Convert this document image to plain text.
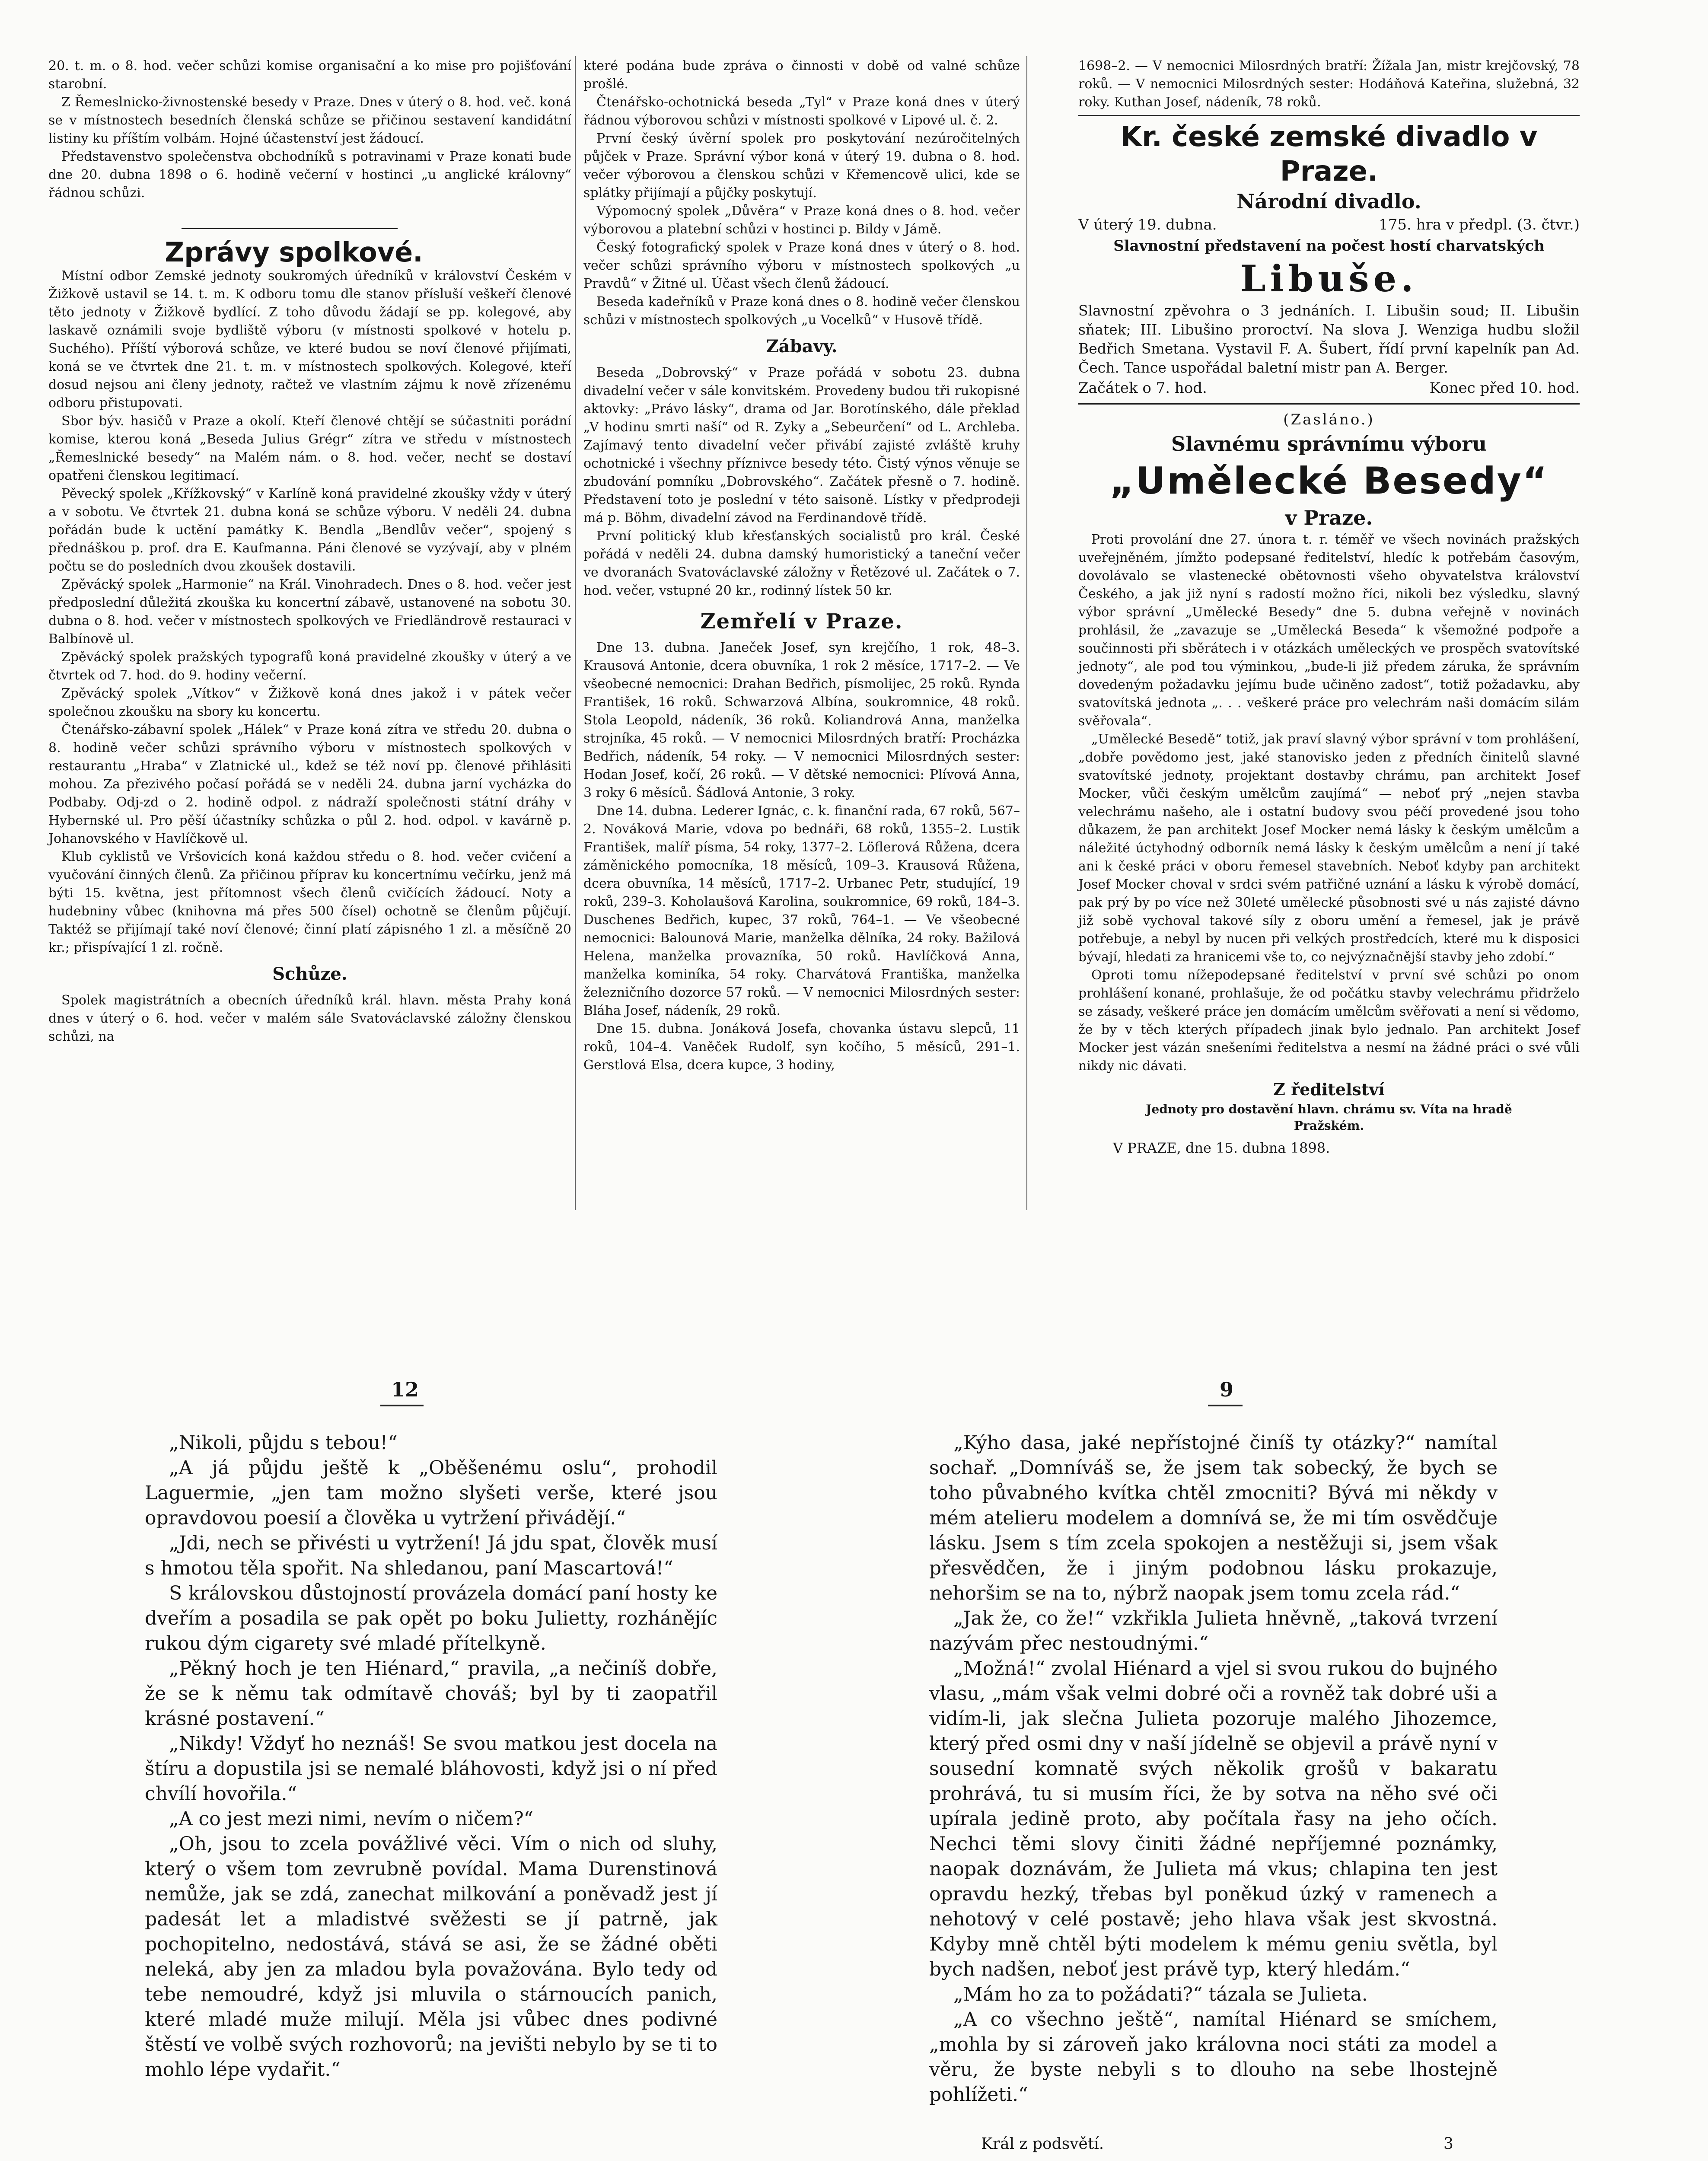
20. t. m. o 8. hod. večer schůzi komise organisační a ko mise pro pojišťování starobní.

Z Řemeslnicko-živnostenské besedy v Praze. Dnes v úterý o 8. hod. več. koná se v místnostech besedních členská schůze se přičinou sestavení kandidátní listiny ku příštím volbám. Hojné účastenství jest žádoucí.

Představenstvo společenstva obchodníků s potravinami v Praze konati bude dne 20. dubna 1898 o 6. hodině večerní v hostinci „u anglické královny“ řádnou schůzi.

Místní odbor Zemské jednoty soukromých úředníků v království Českém v Žižkově ustavil se 14. t. m. K odboru tomu dle stanov přísluší veškeří členové těto jednoty v Žižkově bydlící. Z toho důvodu žádají se pp. kolegové, aby laskavě oznámili svoje bydliště výboru (v místnosti spolkové v hotelu p. Suchého). Příští výborová schůze, ve které budou se noví členové přijímati, koná se ve čtvrtek dne 21. t. m. v místnostech spolkových. Kolegové, kteří dosud nejsou ani členy jednoty, račtež ve vlastním zájmu k nově zřízenému odboru přistupovati.

Sbor býv. hasičů v Praze a okolí. Kteří členové chtějí se súčastniti porádní komise, kterou koná „Beseda Julius Grégr“ zítra ve středu v místnostech „Řemeslnické besedy“ na Malém nám. o 8. hod. večer, nechť se dostaví opatřeni členskou legitimací.

Pěvecký spolek „Křížkovský“ v Karlíně koná pravidelné zkoušky vždy v úterý a v sobotu. Ve čtvrtek 21. dubna koná se schůze výboru. V neděli 24. dubna pořádán bude k uctění památky K. Bendla „Bendlův večer“, spojený s přednáškou p. prof. dra E. Kaufmanna. Páni členové se vyzývají, aby v plném počtu se do posledních dvou zkoušek dostavili.

Zpěvácký spolek „Harmonie“ na Král. Vinohradech. Dnes o 8. hod. večer jest předposlední důležitá zkouška ku koncertní zábavě, ustanovené na sobotu 30. dubna o 8. hod. večer v místnostech spolkových ve Friedländrově restauraci v Balbínově ul.

Zpěvácký spolek pražských typografů koná pravidelné zkoušky v úterý a ve čtvrtek od 7. hod. do 9. hodiny večerní.

Zpěvácký spolek „Vítkov“ v Žižkově koná dnes jakož i v pátek večer společnou zkoušku na sbory ku koncertu.

Čtenářsko-zábavní spolek „Hálek“ v Praze koná zítra ve středu 20. dubna o 8. hodině večer schůzi správního výboru v místnostech spolkových v restaurantu „Hraba“ v Zlatnické ul., kdež se též noví pp. členové přihlásiti mohou. Za přezivého počasí pořádá se v neděli 24. dubna jarní vycházka do Podbaby. Odj-zd o 2. hodině odpol. z nádraží společnosti státní dráhy v Hybernské ul. Pro pěší účastníky schůzka o půl 2. hod. odpol. v kavárně p. Johanovského v Havlíčkově ul.

Klub cyklistů ve Vršovicích koná každou středu o 8. hod. večer cvičení a vyučování činných členů. Za přičinou příprav ku koncertnímu večírku, jenž má býti 15. května, jest přítomnost všech členů cvičících žádoucí. Noty a hudebniny vůbec (knihovna má přes 500 čísel) ochotně se členům půjčují. Taktéž se přijímají také noví členové; činní platí zápisného 1 zl. a měsíčně 20 kr.; přispívající 1 zl. ročně.

Schůze.

Spolek magistrátních a obecních úředníků král. hlavn. města Prahy koná dnes v úterý o 6. hod. večer v malém sále Svatováclavské záložny členskou schůzi, na

Zprávy spolkové.

které podána bude zpráva o činnosti v době od valné schůze prošlé.

Čtenářsko-ochotnická beseda „Tyl“ v Praze koná dnes v úterý řádnou výborovou schůzi v místnosti spolkové v Lipové ul. č. 2.

První český úvěrní spolek pro poskytování nezúročitelných půjček v Praze. Správní výbor koná v úterý 19. dubna o 8. hod. večer výborovou a členskou schůzi v Křemencově ulici, kde se splátky přijímají a půjčky poskytují.

Výpomocný spolek „Důvěra“ v Praze koná dnes o 8. hod. večer výborovou a platební schůzi v hostinci p. Bildy v Jámě.

Český fotografický spolek v Praze koná dnes v úterý o 8. hod. večer schůzi správního výboru v místnostech spolkových „u Pravdů“ v Žitné ul. Účast všech členů žádoucí.

Beseda kadeřníků v Praze koná dnes o 8. hodině večer členskou schůzi v místnostech spolkových „u Vocelků“ v Husově třídě.

Zábavy.

Beseda „Dobrovský“ v Praze pořádá v sobotu 23. dubna divadelní večer v sále konvitském. Provedeny budou tři rukopisné aktovky: „Právo lásky“, drama od Jar. Borotínského, dále překlad „V hodinu smrti naší“ od R. Zyky a „Sebeurčení“ od L. Archleba. Zajímavý tento divadelní večer přivábí zajisté zvláště kruhy ochotnické i všechny příznivce besedy této. Čistý výnos věnuje se zbudování pomníku „Dobrovského“. Začátek přesně o 7. hodině. Představení toto je poslední v této saisoně. Lístky v předprodeji má p. Böhm, divadelní závod na Ferdinandově třídě.

První politický klub křesťanských socialistů pro král. České pořádá v neděli 24. dubna damský humoristický a taneční večer ve dvoranách Svatováclavské záložny v Řetězové ul. Začátek o 7. hod. večer, vstupné 20 kr., rodinný lístek 50 kr.

Zemřelí v Praze.

Dne 13. dubna. Janeček Josef, syn krejčího, 1 rok, 48–3. Krausová Antonie, dcera obuvníka, 1 rok 2 měsíce, 1717–2. — Ve všeobecné nemocnici: Drahan Bedřich, písmolijec, 25 roků. Rynda František, 16 roků. Schwarzová Albína, soukromnice, 48 roků. Stola Leopold, nádeník, 36 roků. Koliandrová Anna, manželka strojníka, 45 roků. — V nemocnici Milosrdných bratří: Procházka Bedřich, nádeník, 54 roky. — V nemocnici Milosrdných sester: Hodan Josef, kočí, 26 roků. — V dětské nemocnici: Plívová Anna, 3 roky 6 měsíců. Šádlová Antonie, 3 roky.

Dne 14. dubna. Lederer Ignác, c. k. finanční rada, 67 roků, 567–2. Nováková Marie, vdova po bednáři, 68 roků, 1355–2. Lustik František, malíř písma, 54 roky, 1377–2. Löflerová Růžena, dcera záměnického pomocníka, 18 měsíců, 109–3. Krausová Růžena, dcera obuvníka, 14 měsíců, 1717–2. Urbanec Petr, studující, 19 roků, 239–3. Koholaušová Karolina, soukromnice, 69 roků, 184–3. Duschenes Bedřich, kupec, 37 roků, 764–1. — Ve všeobecné nemocnici: Balounová Marie, manželka dělníka, 24 roky. Bažilová Helena, manželka provazníka, 50 roků. Havlíčková Anna, manželka kominíka, 54 roky. Charvátová Františka, manželka železničního dozorce 57 roků. — V nemocnici Milosrdných sester: Bláha Josef, nádeník, 29 roků.

Dne 15. dubna. Jonáková Josefa, chovanka ústavu slepců, 11 roků, 104–4. Vaněček Rudolf, syn kočího, 5 měsíců, 291–1. Gerstlová Elsa, dcera kupce, 3 hodiny,

1698–2. — V nemocnici Milosrdných bratří: Žížala Jan, mistr krejčovský, 78 roků. — V nemocnici Milosrdných sester: Hodáňová Kateřina, služebná, 32 roky. Kuthan Josef, nádeník, 78 roků.

Kr. české zemské divadlo v Praze.
Národní divadlo.
V úterý 19. dubna.	175. hra v předpl. (3. čtvr.)
Slavnostní představení na počest hostí charvatských
Libuše.

Slavnostní zpěvohra o 3 jednáních. I. Libušin soud; II. Libušin sňatek; III. Libušino proroctví. Na slova J. Wenziga hudbu složil Bedřich Smetana. Vystavil F. A. Šubert, řídí první kapelník pan Ad. Čech. Tance uspořádal baletní mistr pan A. Berger.

Začátek o 7. hod.	Konec před 10. hod.
(Zasláno.)
Slavnému správnímu výboru
„Umělecké Besedy“
v Praze.

Proti provolání dne 27. února t. r. téměř ve všech novinách pražských uveřejněném, jímžto podepsané ředitelství, hledíc k potřebám časovým, dovolávalo se vlastenecké obětovnosti všeho obyvatelstva království Českého, a jak již nyní s radostí možno říci, nikoli bez výsledku, slavný výbor správní „Umělecké Besedy“ dne 5. dubna veřejně v novinách prohlásil, že „zavazuje se „Umělecká Beseda“ k všemožné podpoře a součinnosti při sběrátech i v otázkách uměleckých ve prospěch svatovítské jednoty“, ale pod tou výminkou, „bude-li již předem záruka, že správním dovedeným požadavku jejímu bude učiněno zadost“, totiž požadavku, aby svatovítská jednota „. . . veškeré práce pro velechrám naši domácím silám svěřovala“.

„Umělecké Besedě“ totiž, jak praví slavný výbor správní v tom prohlášení, „dobře povědomo jest, jaké stanovisko jeden z předních činitelů slavné svatovítské jednoty, projektant dostavby chrámu, pan architekt Josef Mocker, vůči českým umělcům zaujímá“ — neboť prý „nejen stavba velechrámu našeho, ale i ostatní budovy svou péčí provedené jsou toho důkazem, že pan architekt Josef Mocker nemá lásky k českým umělcům a náležité úctyhodný odborník nemá lásky k českým umělcům a není jí také ani k české práci v oboru řemesel stavebních. Neboť kdyby pan architekt Josef Mocker choval v srdci svém patřičné uznání a lásku k výrobě domácí, pak prý by po více než 30leté umělecké působnosti své u nás zajisté dávno již sobě vychoval takové síly z oboru umění a řemesel, jak je právě potřebuje, a nebyl by nucen při velkých prostředcích, které mu k disposici bývají, hledati za hranicemi vše to, co nejvýznačnější stavby jeho zdobí.“

Oproti tomu nížepodepsané ředitelství v první své schůzi po onom prohlášení konané, prohlašuje, že od počátku stavby velechrámu přidrželo se zásady, veškeré práce jen domácím umělcům svěřovati a není si vědomo, že by v těch kterých případech jinak bylo jednalo. Pan architekt Josef Mocker jest vázán snešeními ředitelstva a nesmí na žádné práci o své vůli nikdy nic dávati.

Z ředitelství
Jednoty pro dostavění hlavn. chrámu sv. Víta na hradě Pražském.
V PRAZE, dne 15. dubna 1898.
12	9

„Nikoli, půjdu s tebou!“

„A já půjdu ještě k „Oběšenému oslu“, prohodil Laguermie, „jen tam možno slyšeti verše, které jsou opravdovou poesií a člověka u vytržení přivádějí.“

„Jdi, nech se přivésti u vytržení! Já jdu spat, člověk musí s hmotou těla spořit. Na shledanou, paní Mascartová!“

S královskou důstojností provázela domácí paní hosty ke dveřím a posadila se pak opět po boku Julietty, rozhánějíc rukou dým cigarety své mladé přítelkyně.

„Pěkný hoch je ten Hiénard,“ pravila, „a nečiníš dobře, že se k němu tak odmítavě chováš; byl by ti zaopatřil krásné postavení.“

„Nikdy! Vždyť ho neznáš! Se svou matkou jest docela na štíru a dopustila jsi se nemalé bláhovosti, když jsi o ní před chvílí hovořila.“

„A co jest mezi nimi, nevím o ničem?“

„Oh, jsou to zcela povážlivé věci. Vím o nich od sluhy, který o všem tom zevrubně povídal. Mama Durenstinová nemůže, jak se zdá, zanechat milkování a poněvadž jest jí padesát let a mladistvé svěžesti se jí patrně, jak pochopitelno, nedostává, stává se asi, že se žádné oběti neleká, aby jen za mladou byla považována. Bylo tedy od tebe nemoudré, když jsi mluvila o stárnoucích panich, které mladé muže milují. Měla jsi vůbec dnes podivné štěstí ve volbě svých rozhovorů; na jevišti nebylo by se ti to mohlo lépe vydařit.“

„Kýho dasa, jaké nepřístojné činíš ty otázky?“ namítal sochař. „Domníváš se, že jsem tak sobecký, že bych se toho půvabného kvítka chtěl zmocniti? Bývá mi někdy v mém atelieru modelem a domnívá se, že mi tím osvědčuje lásku. Jsem s tím zcela spokojen a nestěžuji si, jsem však přesvědčen, že i jiným podobnou lásku prokazuje, nehoršim se na to, nýbrž naopak jsem tomu zcela rád.“

„Jak že, co že!“ vzkřikla Julieta hněvně, „taková tvrzení nazývám přec nestoudnými.“

„Možná!“ zvolal Hiénard a vjel si svou rukou do bujného vlasu, „mám však velmi dobré oči a rovněž tak dobré uši a vidím-li, jak slečna Julieta pozoruje malého Jihozemce, který před osmi dny v naší jídelně se objevil a právě nyní v sousední komnatě svých několik grošů v bakaratu prohrává, tu si musím říci, že by sotva na něho své oči upírala jedině proto, aby počítala řasy na jeho očích. Nechci těmi slovy činiti žádné nepříjemné poznámky, naopak doznávám, že Julieta má vkus; chlapina ten jest opravdu hezký, třebas byl poněkud úzký v ramenech a nehotový v celé postavě; jeho hlava však jest skvostná. Kdyby mně chtěl býti modelem k mému geniu světla, byl bych nadšen, neboť jest právě typ, který hledám.“

„Mám ho za to požádati?“ tázala se Julieta.

„A co všechno ještě“, namítal Hiénard se smíchem, „mohla by si zároveň jako královna noci státi za model a věru, že byste nebyli s to dlouho na sebe lhostejně pohlížeti.“

Král z podsvětí.	3
